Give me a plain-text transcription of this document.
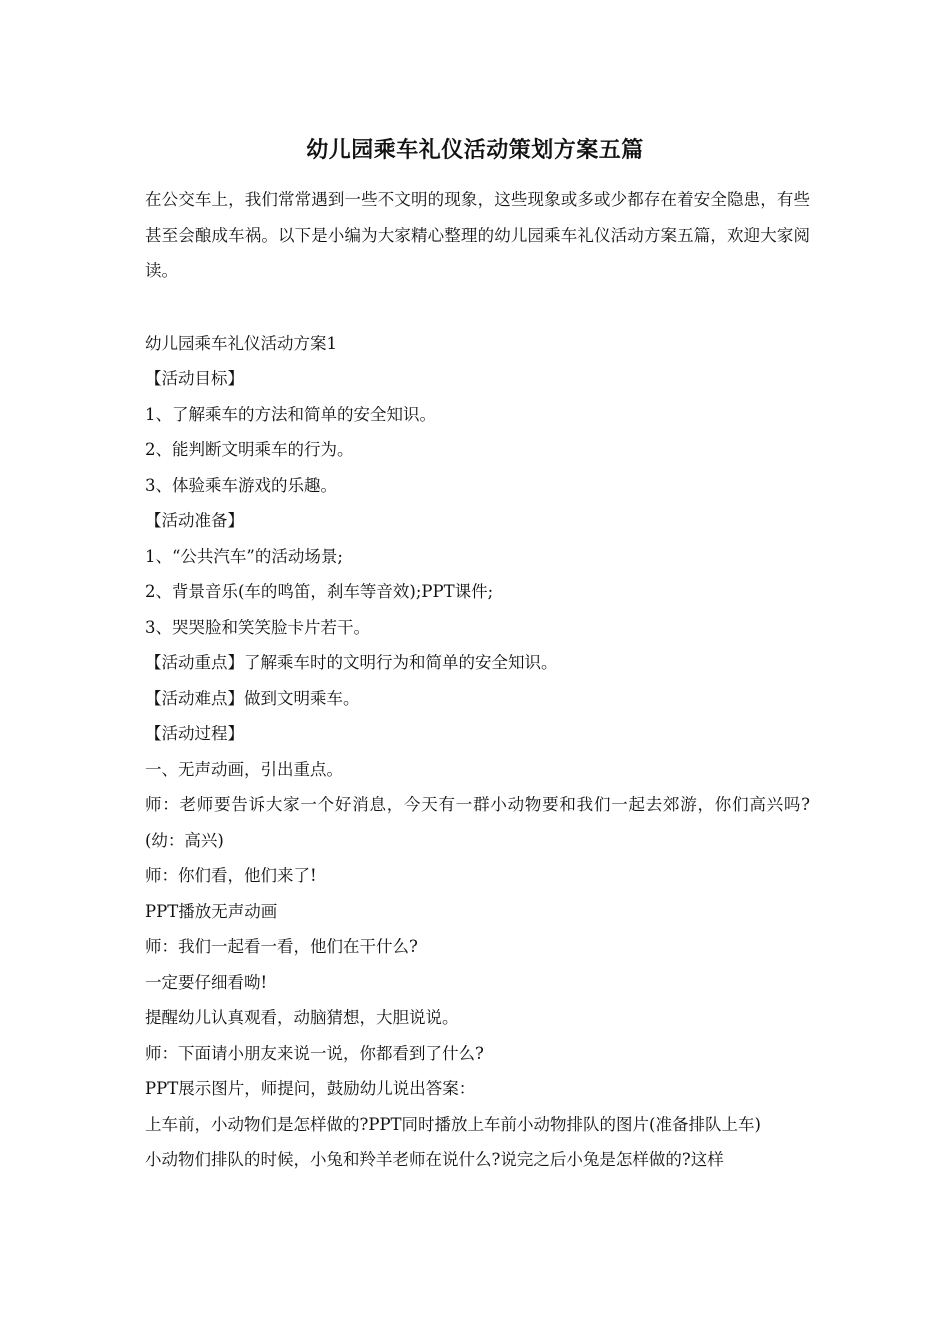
幼儿园乘车礼仪活动策划方案五篇

在公交车上，我们常常遇到一些不文明的现象，这些现象或多或少都存在着安全隐患，有些甚至会酿成车祸。以下是小编为大家精心整理的幼儿园乘车礼仪活动方案五篇，欢迎大家阅读。

幼儿园乘车礼仪活动方案1

【活动目标】

1、了解乘车的方法和简单的安全知识。

2、能判断文明乘车的行为。

3、体验乘车游戏的乐趣。

【活动准备】

1、“公共汽车”的活动场景;

2、背景音乐(车的鸣笛，刹车等音效);PPT课件;

3、哭哭脸和笑笑脸卡片若干。

【活动重点】了解乘车时的文明行为和简单的安全知识。

【活动难点】做到文明乘车。

【活动过程】

一、无声动画，引出重点。

师：老师要告诉大家一个好消息，今天有一群小动物要和我们一起去郊游，你们高兴吗?(幼：高兴)

师：你们看，他们来了!

PPT播放无声动画

师：我们一起看一看，他们在干什么?

一定要仔细看呦!

提醒幼儿认真观看，动脑猜想，大胆说说。

师：下面请小朋友来说一说，你都看到了什么?

PPT展示图片，师提问，鼓励幼儿说出答案：

上车前，小动物们是怎样做的?PPT同时播放上车前小动物排队的图片(准备排队上车)

小动物们排队的时候，小兔和羚羊老师在说什么?说完之后小兔是怎样做的?这样
